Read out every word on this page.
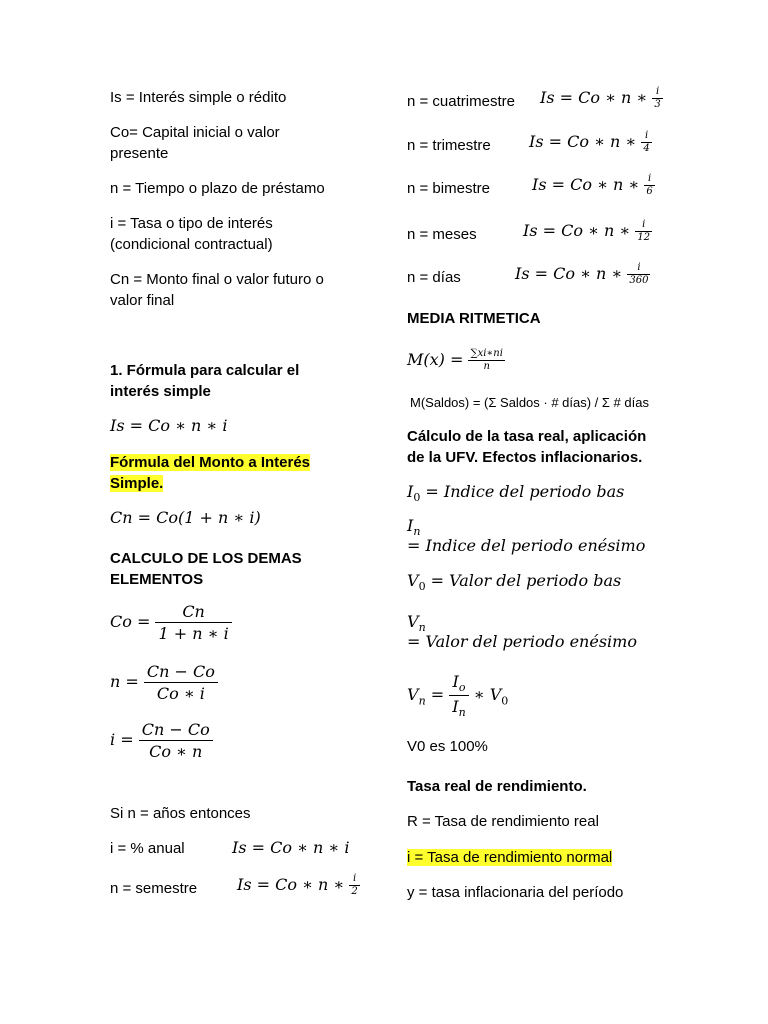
Is = Interés simple o rédito
Co= Capital inicial o valor
presente
n = Tiempo o plazo de préstamo
i = Tasa o tipo de interés
(condicional contractual)
Cn = Monto final o valor futuro o
valor final
1. Fórmula para calcular el
interés simple
Is = Co ∗ n ∗ i
Fórmula del Monto a Interés
Simple.
Cn = Co(1 + n ∗ i)
CALCULO DE LOS DEMAS
ELEMENTOS
$Co = \frac{Cn}{1 + n ∗ i}$
$n = \frac{Cn - Co}{Co ∗ i}$
$i = \frac{Cn - Co}{Co ∗ n}$
Si n = años entonces
i = % anual	Is = Co ∗ n ∗ i
n = semestre Is = Co ∗ n ∗ $\frac{i}{2}$
n = cuatrimestre Is = Co ∗ n ∗ $\frac{i}{3}$
n = trimestre Is = Co ∗ n ∗ $\frac{i}{4}$
n = bimestre	Is = Co ∗ n ∗ $\frac{i}{6}$
n = meses	Is = Co ∗ n ∗ $\frac{i}{12}$
n = días	Is = Co ∗ n ∗ $\frac{i}{360}$
MEDIA RITMETICA
$M(x) = \frac{\sum xi∗ni}{n}$
M(Saldos) = (Σ Saldos · # días) / Σ # días
Cálculo de la tasa real, aplicación
de la UFV. Efectos inflacionarios.
$I_0$ = Indice del periodo bas
$I_n$
= Indice del periodo enésimo
$V_0$ = Valor del periodo bas
$V_n$
= Valor del periodo enésimo
$V_n = \frac{I_o}{I_n}$ ∗ $V_0$
V0 es 100%
Tasa real de rendimiento.
R = Tasa de rendimiento real
i = Tasa de rendimiento normal
y = tasa inflacionaria del período
